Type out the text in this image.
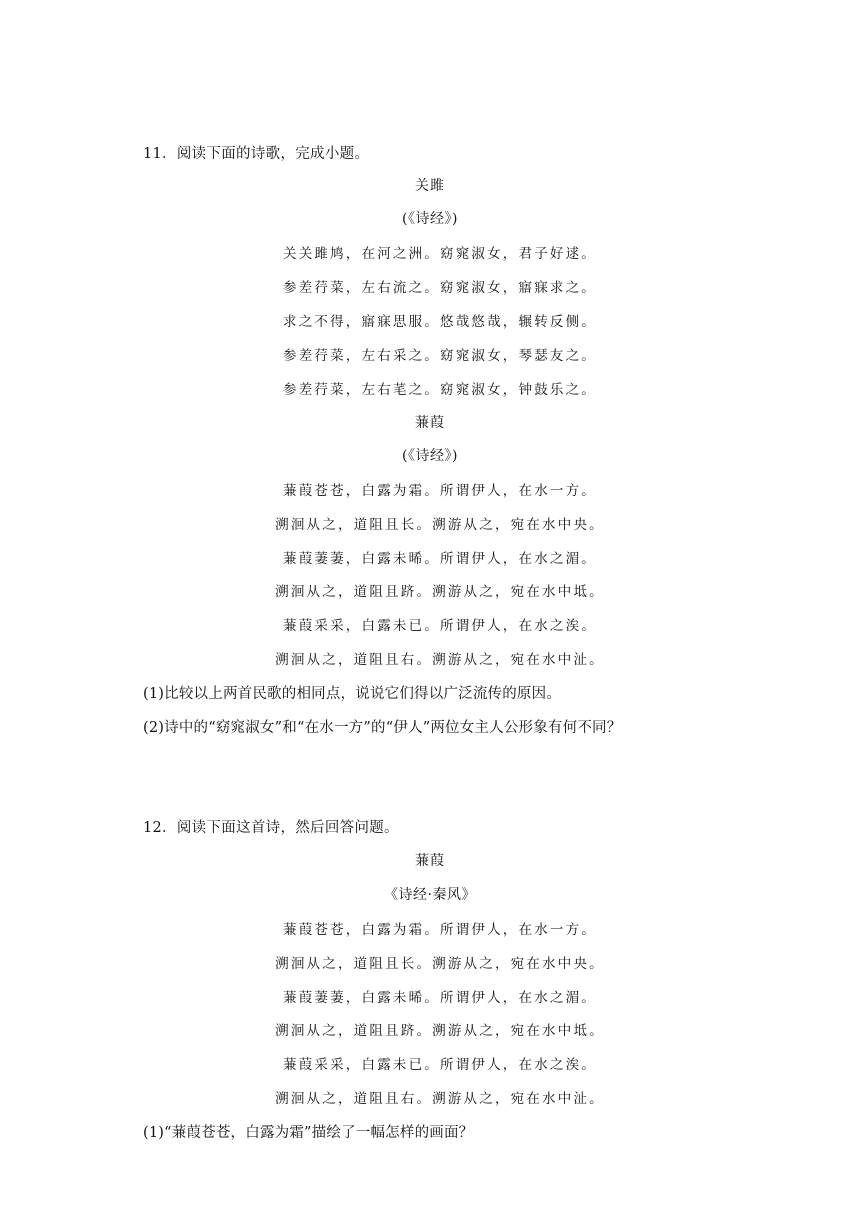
11．阅读下面的诗歌，完成小题。
关雎
(《诗经》)
关关雎鸠，在河之洲。窈窕淑女，君子好逑。
参差荇菜，左右流之。窈窕淑女，寤寐求之。
求之不得，寤寐思服。悠哉悠哉，辗转反侧。
参差荇菜，左右采之。窈窕淑女，琴瑟友之。
参差荇菜，左右芼之。窈窕淑女，钟鼓乐之。
蒹葭
(《诗经》)
蒹葭苍苍，白露为霜。所谓伊人，在水一方。
溯洄从之，道阻且长。溯游从之，宛在水中央。
蒹葭萋萋，白露未晞。所谓伊人，在水之湄。
溯洄从之，道阻且跻。溯游从之，宛在水中坻。
蒹葭采采，白露未已。所谓伊人，在水之涘。
溯洄从之，道阻且右。溯游从之，宛在水中沚。
(1)比较以上两首民歌的相同点，说说它们得以广泛流传的原因。
(2)诗中的“窈窕淑女”和“在水一方”的“伊人”两位女主人公形象有何不同？
12．阅读下面这首诗，然后回答问题。
蒹葭
《诗经·秦风》
蒹葭苍苍，白露为霜。所谓伊人，在水一方。
溯洄从之，道阻且长。溯游从之，宛在水中央。
蒹葭萋萋，白露未晞。所谓伊人，在水之湄。
溯洄从之，道阻且跻。溯游从之，宛在水中坻。
蒹葭采采，白露未已。所谓伊人，在水之涘。
溯洄从之，道阻且右。溯游从之，宛在水中沚。
(1)“蒹葭苍苍，白露为霜”描绘了一幅怎样的画面？
